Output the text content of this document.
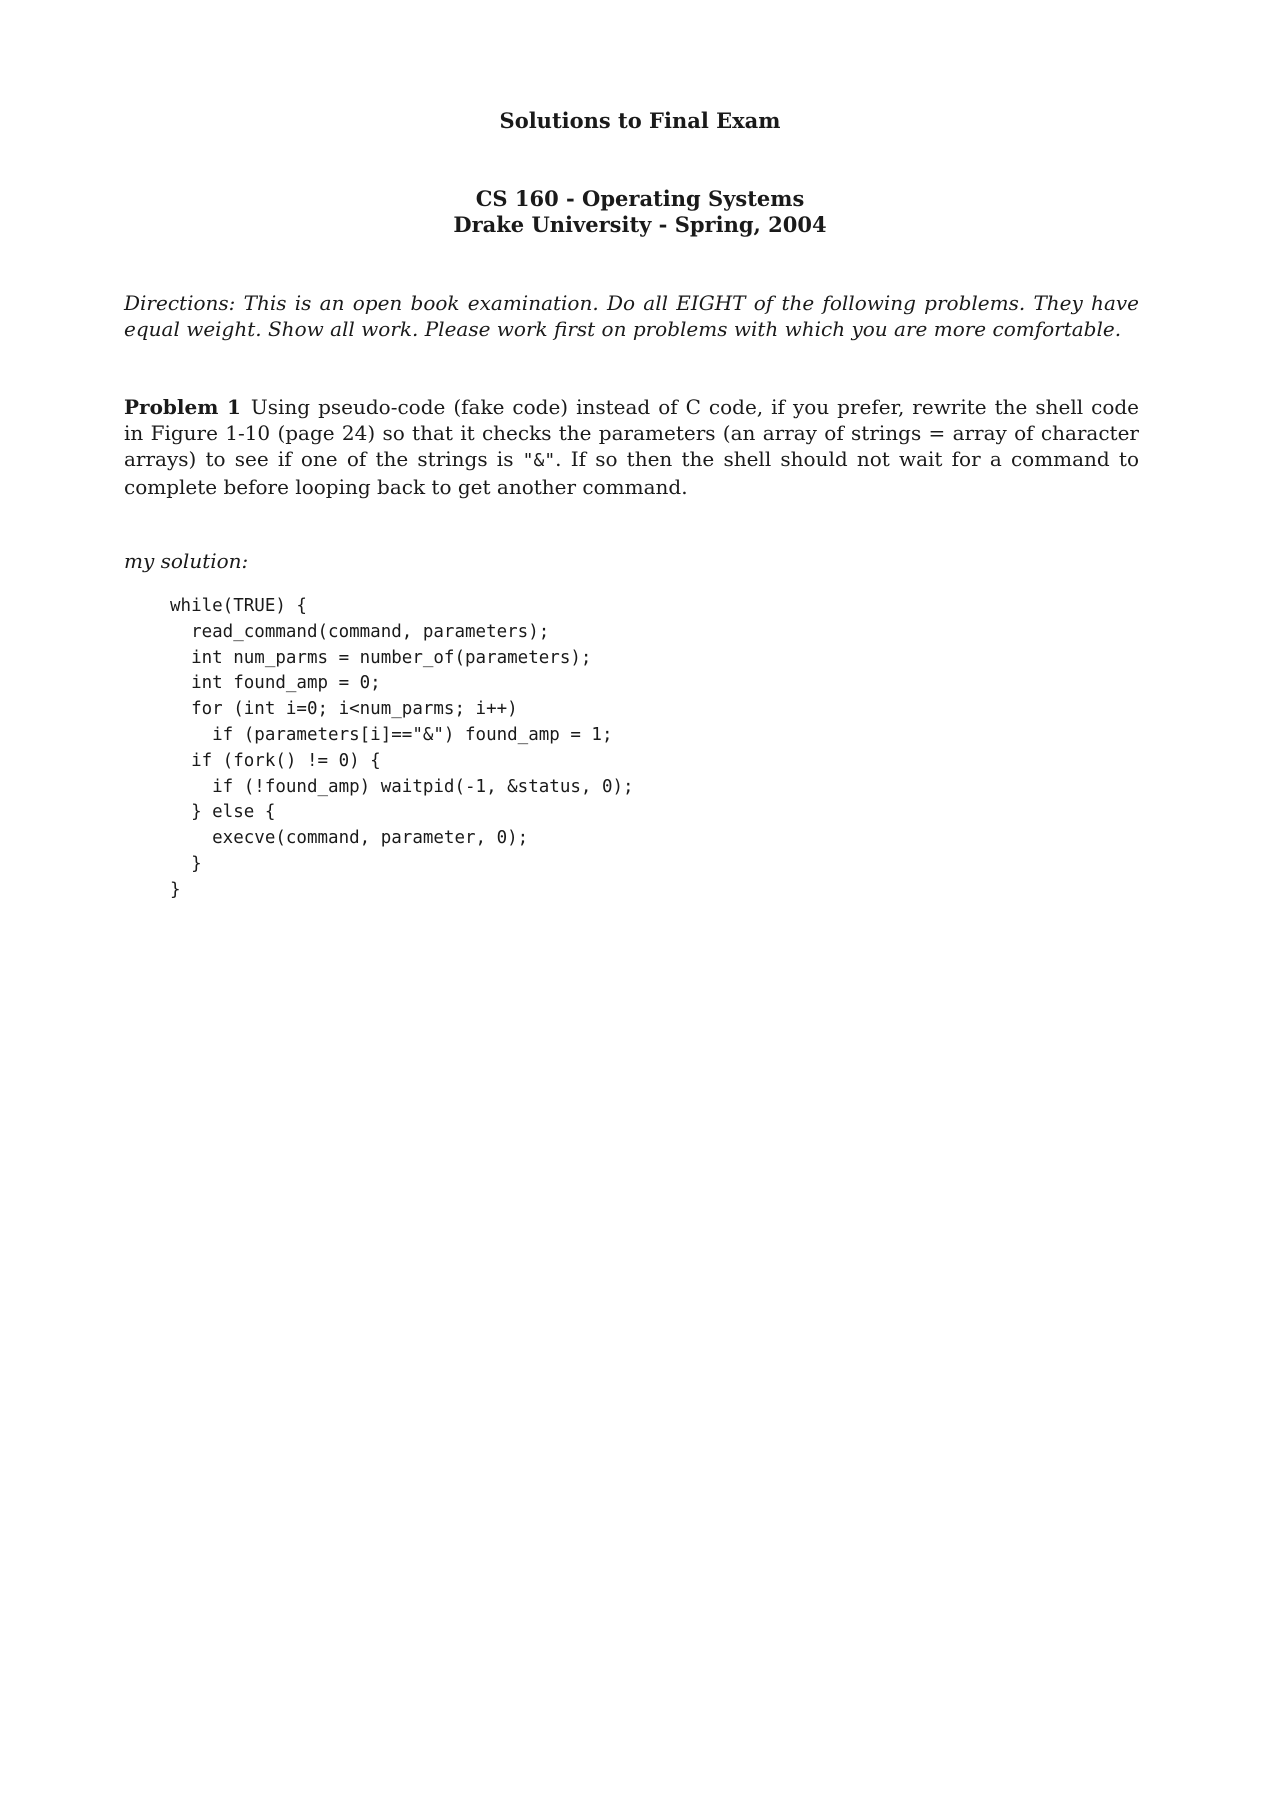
Solutions to Final Exam
CS 160 - Operating Systems
Drake University - Spring, 2004
Directions: This is an open book examination. Do all EIGHT of the following problems. They have equal weight. Show all work. Please work first on problems with which you are more comfortable.
Problem 1 Using pseudo-code (fake code) instead of C code, if you prefer, rewrite the shell code in Figure 1-10 (page 24) so that it checks the parameters (an array of strings = array of character arrays) to see if one of the strings is "&". If so then the shell should not wait for a command to complete before looping back to get another command.
my solution:
while(TRUE) {
read_command(command, parameters);
int num_parms = number_of(parameters);
int found_amp = 0;
for (int i=0; i<num_parms; i++)
if (parameters[i]=="&") found_amp = 1;
if (fork() != 0) {
if (!found_amp) waitpid(-1, &status, 0);
} else {
execve(command, parameter, 0);
}
}
